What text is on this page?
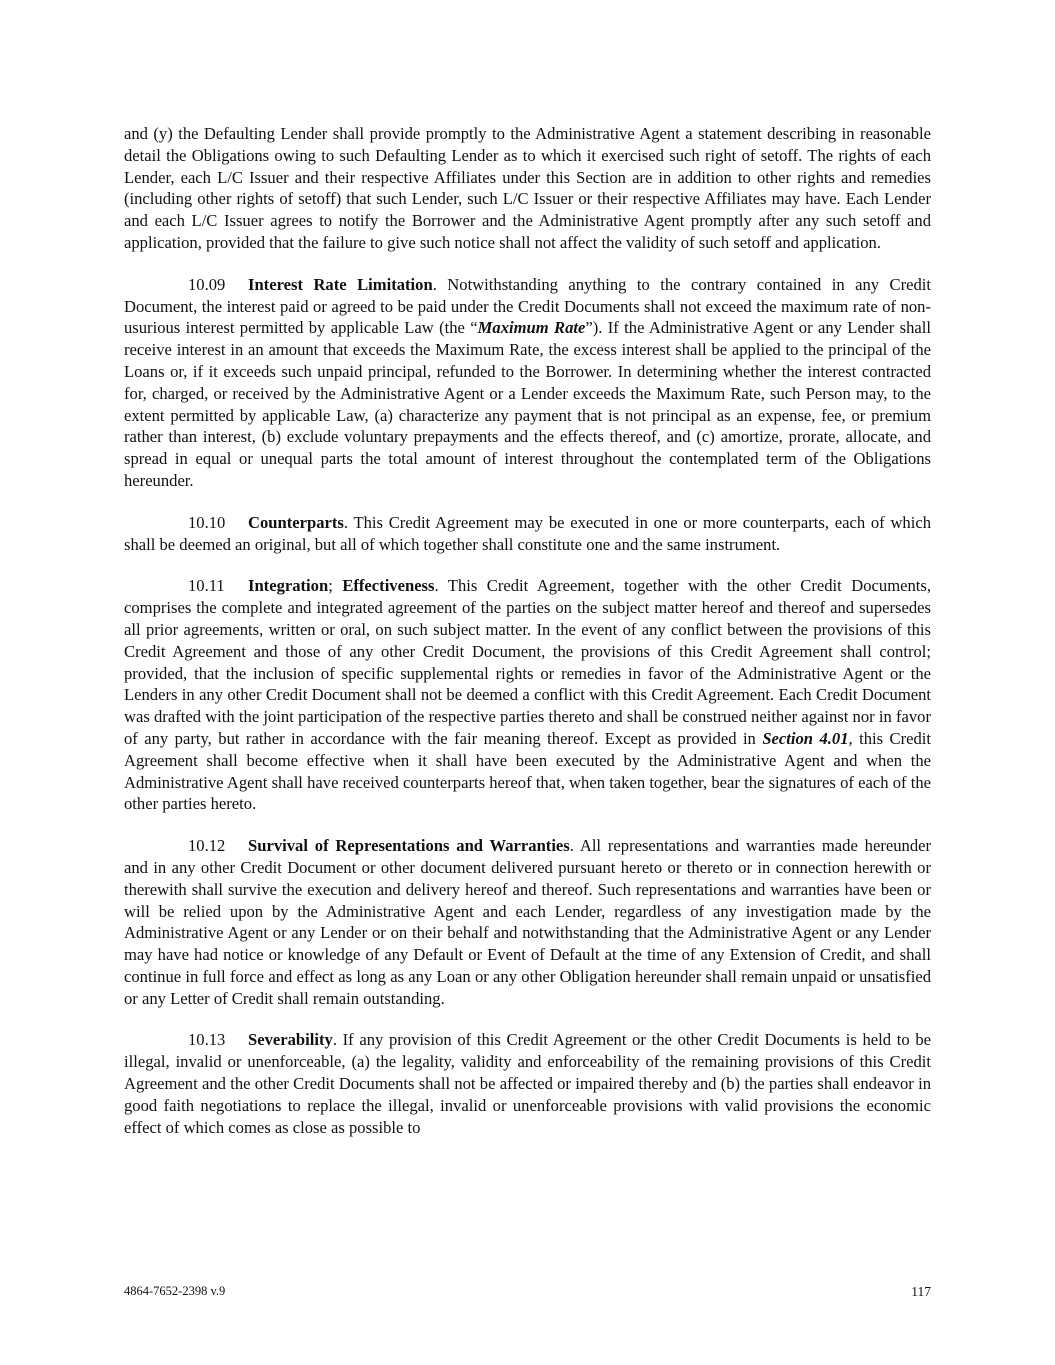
and (y) the Defaulting Lender shall provide promptly to the Administrative Agent a statement describing in reasonable detail the Obligations owing to such Defaulting Lender as to which it exercised such right of setoff. The rights of each Lender, each L/C Issuer and their respective Affiliates under this Section are in addition to other rights and remedies (including other rights of setoff) that such Lender, such L/C Issuer or their respective Affiliates may have. Each Lender and each L/C Issuer agrees to notify the Borrower and the Administrative Agent promptly after any such setoff and application, provided that the failure to give such notice shall not affect the validity of such setoff and application.

10.09 Interest Rate Limitation. Notwithstanding anything to the contrary contained in any Credit Document, the interest paid or agreed to be paid under the Credit Documents shall not exceed the maximum rate of non-usurious interest permitted by applicable Law (the “Maximum Rate”). If the Administrative Agent or any Lender shall receive interest in an amount that exceeds the Maximum Rate, the excess interest shall be applied to the principal of the Loans or, if it exceeds such unpaid principal, refunded to the Borrower. In determining whether the interest contracted for, charged, or received by the Administrative Agent or a Lender exceeds the Maximum Rate, such Person may, to the extent permitted by applicable Law, (a) characterize any payment that is not principal as an expense, fee, or premium rather than interest, (b) exclude voluntary prepayments and the effects thereof, and (c) amortize, prorate, allocate, and spread in equal or unequal parts the total amount of interest throughout the contemplated term of the Obligations hereunder.

10.10 Counterparts. This Credit Agreement may be executed in one or more counterparts, each of which shall be deemed an original, but all of which together shall constitute one and the same instrument.

10.11 Integration; Effectiveness. This Credit Agreement, together with the other Credit Documents, comprises the complete and integrated agreement of the parties on the subject matter hereof and thereof and supersedes all prior agreements, written or oral, on such subject matter. In the event of any conflict between the provisions of this Credit Agreement and those of any other Credit Document, the provisions of this Credit Agreement shall control; provided, that the inclusion of specific supplemental rights or remedies in favor of the Administrative Agent or the Lenders in any other Credit Document shall not be deemed a conflict with this Credit Agreement. Each Credit Document was drafted with the joint participation of the respective parties thereto and shall be construed neither against nor in favor of any party, but rather in accordance with the fair meaning thereof. Except as provided in Section 4.01, this Credit Agreement shall become effective when it shall have been executed by the Administrative Agent and when the Administrative Agent shall have received counterparts hereof that, when taken together, bear the signatures of each of the other parties hereto.

10.12 Survival of Representations and Warranties. All representations and warranties made hereunder and in any other Credit Document or other document delivered pursuant hereto or thereto or in connection herewith or therewith shall survive the execution and delivery hereof and thereof. Such representations and warranties have been or will be relied upon by the Administrative Agent and each Lender, regardless of any investigation made by the Administrative Agent or any Lender or on their behalf and notwithstanding that the Administrative Agent or any Lender may have had notice or knowledge of any Default or Event of Default at the time of any Extension of Credit, and shall continue in full force and effect as long as any Loan or any other Obligation hereunder shall remain unpaid or unsatisfied or any Letter of Credit shall remain outstanding.

10.13 Severability. If any provision of this Credit Agreement or the other Credit Documents is held to be illegal, invalid or unenforceable, (a) the legality, validity and enforceability of the remaining provisions of this Credit Agreement and the other Credit Documents shall not be affected or impaired thereby and (b) the parties shall endeavor in good faith negotiations to replace the illegal, invalid or unenforceable provisions with valid provisions the economic effect of which comes as close as possible to

4864-7652-2398 v.9	117
